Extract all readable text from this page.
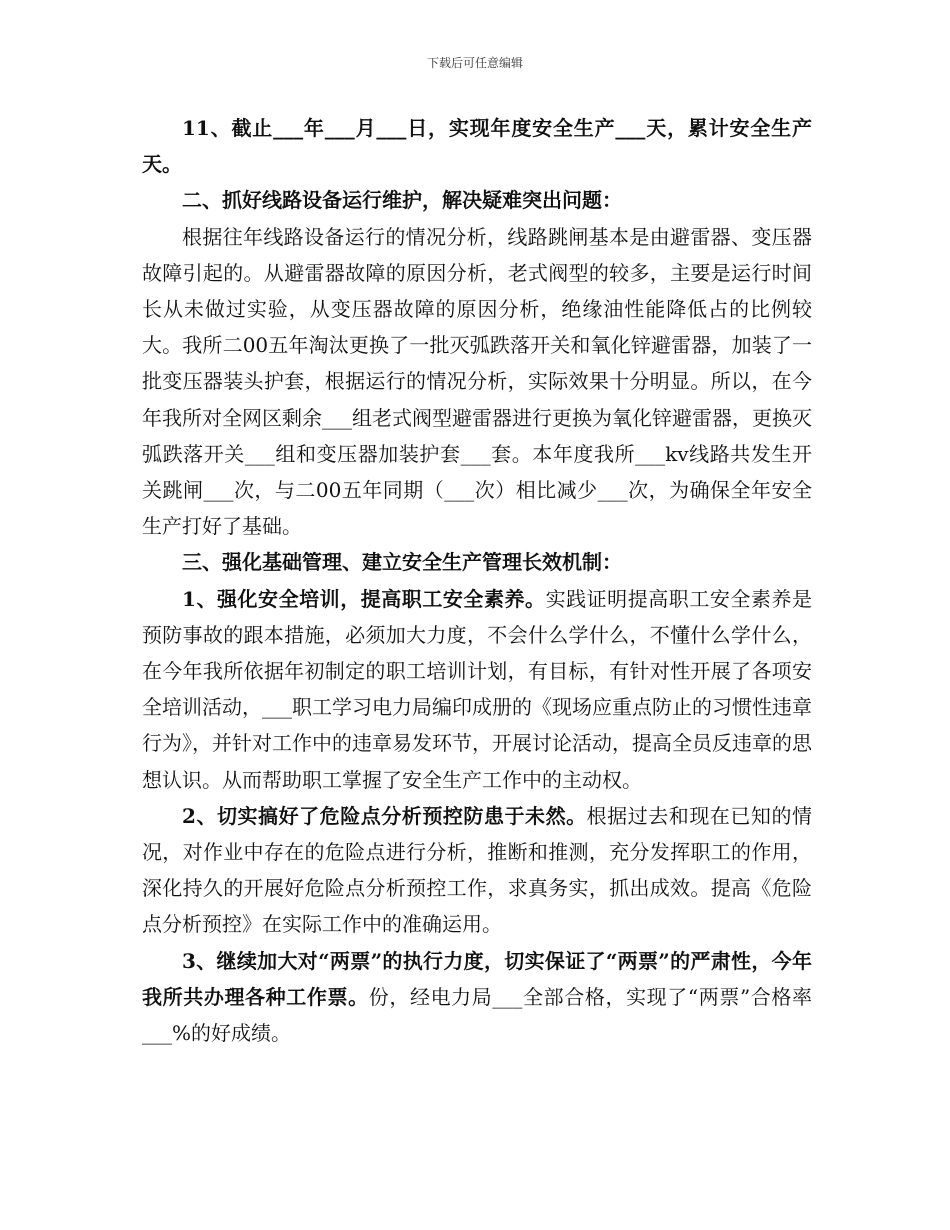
下载后可任意编辑

11、截止___年___月___日，实现年度安全生产___天，累计安全生产天。

二、抓好线路设备运行维护，解决疑难突出问题：

根据往年线路设备运行的情况分析，线路跳闸基本是由避雷器、变压器故障引起的。从避雷器故障的原因分析，老式阀型的较多，主要是运行时间长从未做过实验，从变压器故障的原因分析，绝缘油性能降低占的比例较大。我所二00五年淘汰更换了一批灭弧跌落开关和氧化锌避雷器，加装了一批变压器装头护套，根据运行的情况分析，实际效果十分明显。所以，在今年我所对全网区剩余___组老式阀型避雷器进行更换为氧化锌避雷器，更换灭弧跌落开关___组和变压器加装护套___套。本年度我所___kv线路共发生开关跳闸___次，与二00五年同期（___次）相比减少___次，为确保全年安全生产打好了基础。

三、强化基础管理、建立安全生产管理长效机制：

1、强化安全培训，提高职工安全素养。实践证明提高职工安全素养是预防事故的跟本措施，必须加大力度，不会什么学什么，不懂什么学什么，在今年我所依据年初制定的职工培训计划，有目标，有针对性开展了各项安全培训活动，___职工学习电力局编印成册的《现场应重点防止的习惯性违章行为》，并针对工作中的违章易发环节，开展讨论活动，提高全员反违章的思想认识。从而帮助职工掌握了安全生产工作中的主动权。

2、切实搞好了危险点分析预控防患于未然。根据过去和现在已知的情况，对作业中存在的危险点进行分析，推断和推测，充分发挥职工的作用，深化持久的开展好危险点分析预控工作，求真务实，抓出成效。提高《危险点分析预控》在实际工作中的准确运用。

3、继续加大对“两票”的执行力度，切实保证了“两票”的严肃性，今年我所共办理各种工作票。份，经电力局___全部合格，实现了“两票”合格率___%的好成绩。
